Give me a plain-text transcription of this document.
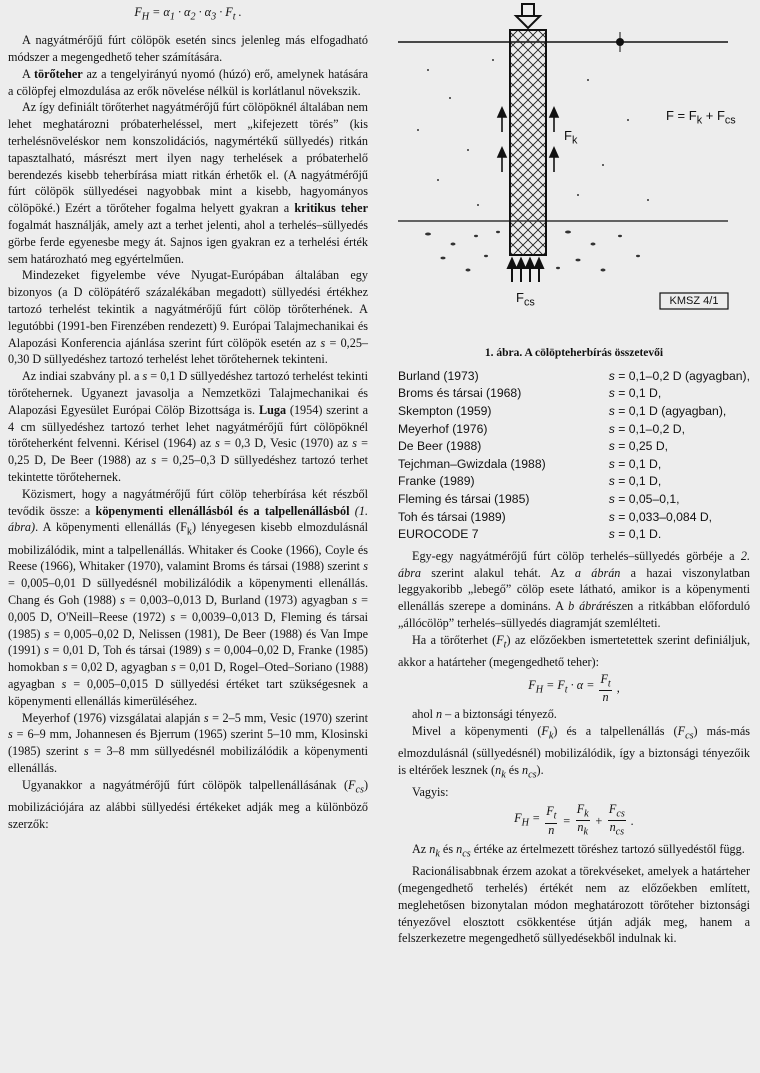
$F_H = \alpha_1 \cdot \alpha_2 \cdot \alpha_3 \cdot F_t$ .

A nagyátmérőjű fúrt cölöpök esetén sincs jelenleg más elfogadható módszer a megengedhető teher számítására.

A törőteher az a tengelyirányú nyomó (húzó) erő, amelynek hatására a cölöpfej elmozdulása az erők növelése nélkül is korlátlanul növekszik.

Az így definiált törőterhet nagyátmérőjű fúrt cölöpöknél általában nem lehet meghatározni próbaterheléssel, mert „kifejezett törés” (kis terhelésnöveléskor nem konszolidációs, nagymértékű süllyedés) ritkán tapasztalható, másrészt mert ilyen nagy terhelések a próbaterhelő berendezés kisebb teherbírása miatt ritkán érhetők el. (A nagyátmérőjű fúrt cölöpök süllyedései nagyobbak mint a kisebb, hagyományos cölöpöké.) Ezért a törőteher fogalma helyett gyakran a kritikus teher fogalmát használják, amely azt a terhet jelenti, ahol a terhelés–süllyedés görbe ferde egyenesbe megy át. Sajnos igen gyakran ez a terhelési érték sem határozható meg egyértelműen.

Mindezeket figyelembe véve Nyugat-Európában általában egy bizonyos (a D cölöpátérő százalékában megadott) süllyedési értékhez tartozó terhelést tekintik a nagyátmérőjű fúrt cölöp törőterhének. A legutóbbi (1991-ben Firenzében rendezett) 9. Európai Talajmechanikai és Alapozási Konferencia ajánlása szerint fúrt cölöpök esetén az s = 0,25–0,30 D süllyedéshez tartozó terhelést lehet törőtehernek tekinteni.

Az indiai szabvány pl. a s = 0,1 D süllyedéshez tartozó terhelést tekinti törőtehernek. Ugyanezt javasolja a Nemzetközi Talajmechanikai és Alapozási Egyesület Európai Cölöp Bizottsága is. Luga (1954) szerint a 4 cm süllyedéshez tartozó terhet lehet nagyátmérőjű fúrt cölöpöknél törőteherként felvenni. Kérisel (1964) az s = 0,3 D, Vesic (1970) az s = 0,25 D, De Beer (1988) az s = 0,25–0,3 D süllyedéshez tartozó terhet tekintette törőtehernek.

Közismert, hogy a nagyátmérőjű fúrt cölöp teherbírása két részből tevődik össze: a köpenymenti ellenállásból és a talpellenállásból (1. ábra). A köpenymenti ellenállás $(F_k)$ lényegesen kisebb elmozdulásnál mobilizálódik, mint a talpellenállás. Whitaker és Cooke (1966), Coyle és Reese (1966), Whitaker (1970), valamint Broms és társai (1988) szerint s = 0,005–0,01 D süllyedésnél mobilizálódik a köpenymenti ellenállás. Chang és Goh (1988) s = 0,003–0,013 D, Burland (1973) agyagban s = 0,005 D, O'Neill–Reese (1972) s = 0,0039–0,013 D, Fleming és társai (1985) s = 0,005–0,02 D, Nelissen (1981), De Beer (1988) és Van Impe (1991) s = 0,01 D, Toh és társai (1989) s = 0,004–0,02 D, Franke (1985) homokban s = 0,02 D, agyagban s = 0,01 D, Rogel–Oted–Soriano (1988) agyagban s = 0,005–0,015 D süllyedési értéket tart szükségesnek a köpenymenti ellenállás kimerüléséhez.

Meyerhof (1976) vizsgálatai alapján s = 2–5 mm, Vesic (1970) szerint s = 6–9 mm, Johannesen és Bjerrum (1965) szerint 5–10 mm, Klosinski (1985) szerint s = 3–8 mm süllyedésnél mobilizálódik a köpenymenti ellenállás.

Ugyanakkor a nagyátmérőjű fúrt cölöpök talpellenállásának $(F_{cs})$ mobilizációjára az alábbi süllyedési értékeket adják meg a különböző szerzők:

KMSZ 4/1
$F = F_k + F_{cs}$
$F_k$
$F_{cs}$

1. ábra. A cölöpteherbírás összetevői

Burland (1973)	s = 0,1–0,2 D (agyagban),
Broms és társai (1968)	s = 0,1 D,
Skempton (1959)	s = 0,1 D (agyagban),
Meyerhof (1976)	s = 0,1–0,2 D,
De Beer (1988)	s = 0,25 D,
Tejchman–Gwizdala (1988)	s = 0,1 D,
Franke (1989)	s = 0,1 D,
Fleming és társai (1985)	s = 0,05–0,1,
Toh és társai (1989)	s = 0,033–0,084 D,
EUROCODE 7	s = 0,1 D.

Egy-egy nagyátmérőjű fúrt cölöp terhelés–süllyedés görbéje a 2. ábra szerint alakul tehát. Az a ábrán a hazai viszonylatban leggyakoribb „lebegő” cölöp esete látható, amikor is a köpenymenti ellenállás szerepe a domináns. A b ábrárészen a ritkábban előforduló „állócölöp” terhelés–süllyedés diagramját szemlélteti.

Ha a törőterhet $(F_t)$ az előzőekben ismertetettek szerint definiáljuk, akkor a határteher (megengedhető teher):

$F_H = F_t \cdot \alpha = \frac{F_t}{n}$ ,

ahol n – a biztonsági tényező.

Mivel a köpenymenti $(F_k)$ és a talpellenállás $(F_{cs})$ más-más elmozdulásnál (süllyedésnél) mobilizálódik, így a biztonsági tényezőik is eltérőek lesznek ($n_k$ és $n_{cs}$).

Vagyis:

$F_H = \frac{F_t}{n} = \frac{F_k}{n_k} + \frac{F_{cs}}{n_{cs}}$ .

Az $n_k$ és $n_{cs}$ értéke az értelmezett töréshez tartozó süllyedéstől függ.

Racionálisabbnak érzem azokat a törekvéseket, amelyek a határteher (megengedhető terhelés) értékét nem az előzőekben említett, meglehetősen bizonytalan módon meghatározott törőteher biztonsági tényezővel elosztott csökkentése útján adják meg, hanem a felszerkezetre megengedhető süllyedésekből indulnak ki.
